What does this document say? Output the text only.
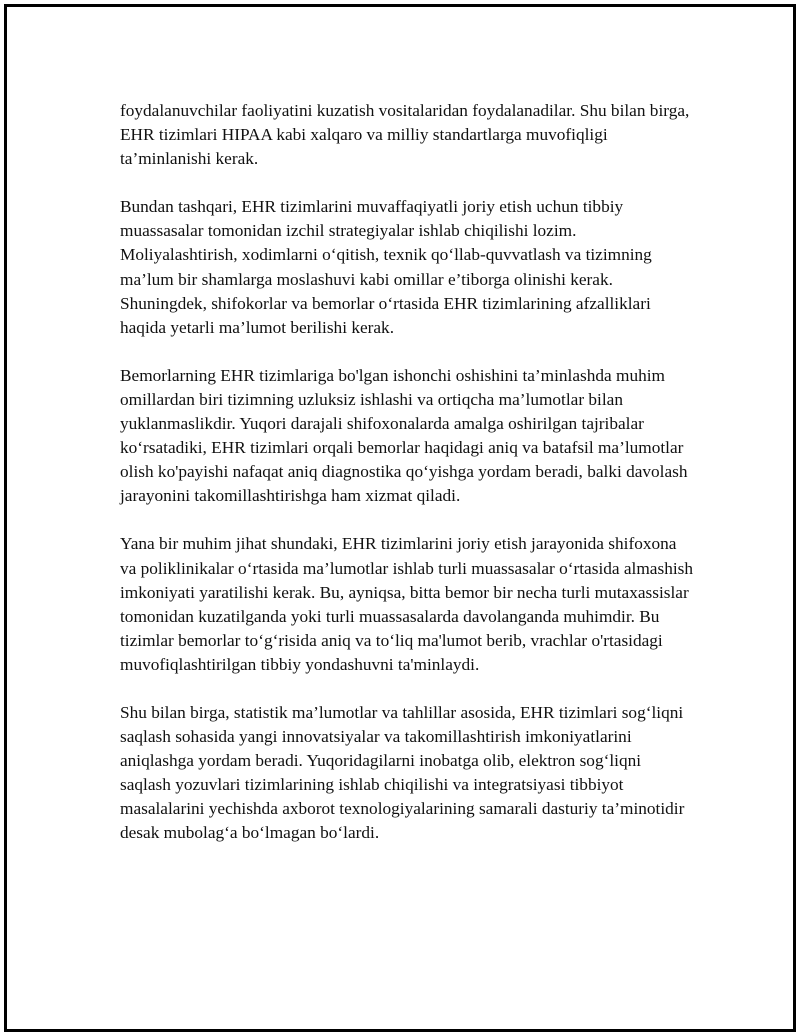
foydalanuvchilar faoliyatini kuzatish vositalaridan foydalanadilar. Shu bilan birga, EHR tizimlari HIPAA kabi xalqaro va milliy standartlarga muvofiqligi ta’minlanishi kerak.

Bundan tashqari, EHR tizimlarini muvaffaqiyatli joriy etish uchun tibbiy muassasalar tomonidan izchil strategiyalar ishlab chiqilishi lozim. Moliyalashtirish, xodimlarni o‘qitish, texnik qo‘llab-quvvatlash va tizimning ma’lum bir shamlarga moslashuvi kabi omillar e’tiborga olinishi kerak. Shuningdek, shifokorlar va bemorlar o‘rtasida EHR tizimlarining afzalliklari haqida yetarli ma’lumot berilishi kerak.

Bemorlarning EHR tizimlariga bo'lgan ishonchi oshishini ta’minlashda muhim omillardan biri tizimning uzluksiz ishlashi va ortiqcha ma’lumotlar bilan yuklanmaslikdir. Yuqori darajali shifoxonalarda amalga oshirilgan tajribalar ko‘rsatadiki, EHR tizimlari orqali bemorlar haqidagi aniq va batafsil ma’lumotlar olish ko'payishi nafaqat aniq diagnostika qo‘yishga yordam beradi, balki davolash jarayonini takomillashtirishga ham xizmat qiladi.

Yana bir muhim jihat shundaki, EHR tizimlarini joriy etish jarayonida shifoxona va poliklinikalar o‘rtasida ma’lumotlar ishlab turli muassasalar o‘rtasida almashish imkoniyati yaratilishi kerak. Bu, ayniqsa, bitta bemor bir necha turli mutaxassislar tomonidan kuzatilganda yoki turli muassasalarda davolanganda muhimdir. Bu tizimlar bemorlar to‘g‘risida aniq va to‘liq ma'lumot berib, vrachlar o'rtasidagi muvofiqlashtirilgan tibbiy yondashuvni ta'minlaydi.

Shu bilan birga, statistik ma’lumotlar va tahlillar asosida, EHR tizimlari sog‘liqni saqlash sohasida yangi innovatsiyalar va takomillashtirish imkoniyatlarini aniqlashga yordam beradi. Yuqoridagilarni inobatga olib, elektron sog‘liqni saqlash yozuvlari tizimlarining ishlab chiqilishi va integratsiyasi tibbiyot masalalarini yechishda axborot texnologiyalarining samarali dasturiy ta’minotidir desak mubolag‘a bo‘lmagan bo‘lardi.
